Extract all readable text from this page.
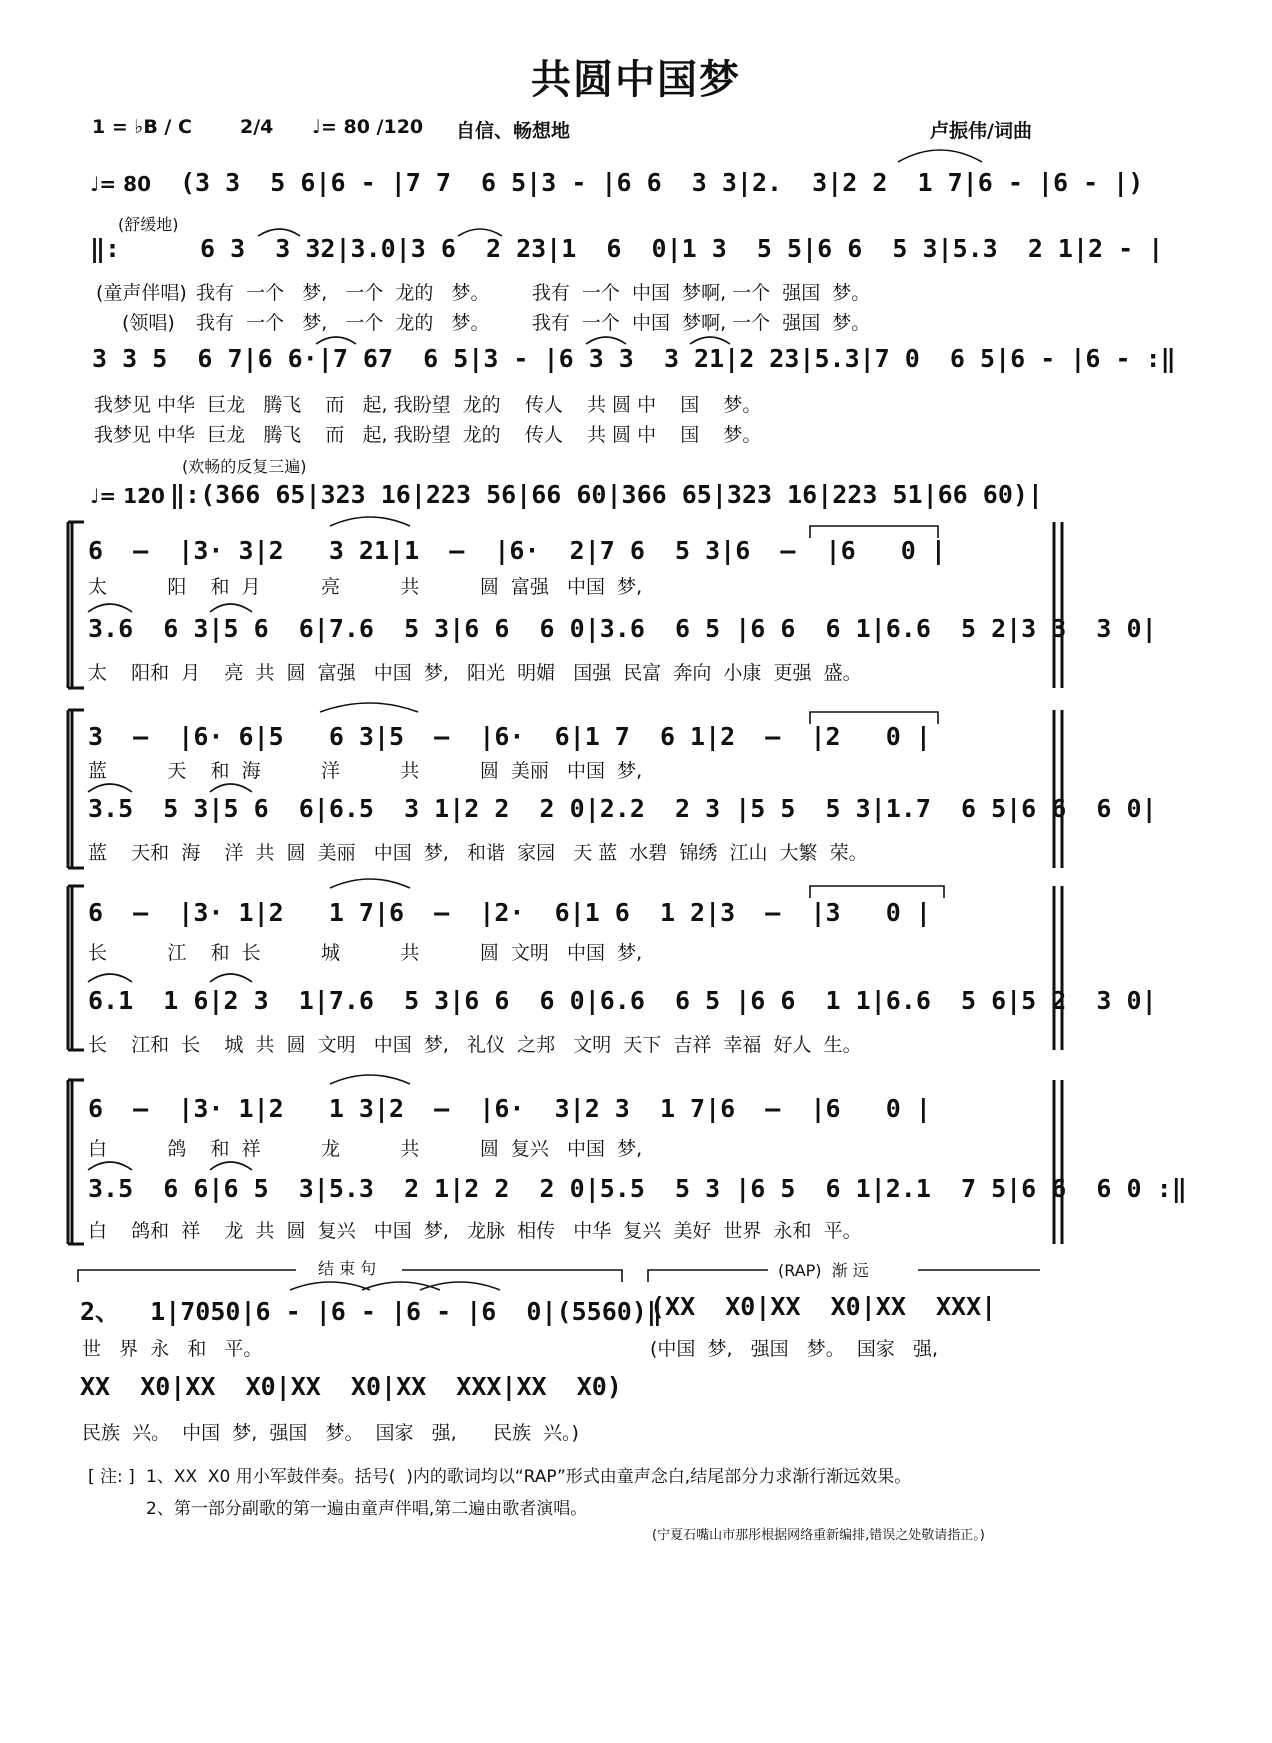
共圆中国梦
1 = ♭B / C	2/4 ♩= 80 /120 自信、畅想地	卢振伟/词曲
♩= 80 (3 3  5 6|6 - |7 7  6 5|3 - |6 6  3 3|2.  3|2 2  1 7|6 - |6 - |)
(舒缓地)
‖:	6 3  3 32|3.0|3 6  2 23|1  6  0|1 3  5 5|6 6  5 3|5.3  2 1|2 - |
(童声伴唱) 我有  一个   梦,   一个  龙的   梦。       我有  一个  中国  梦啊, 一个  强国  梦。
(领唱) 我有  一个   梦,   一个  龙的   梦。       我有  一个  中国  梦啊, 一个  强国  梦。
3 3 5  6 7|6 6·|7 67  6 5|3 - |6 3 3  3 21|2 23|5.3|7 0  6 5|6 - |6 - :‖
我梦见 中华  巨龙   腾飞    而   起, 我盼望  龙的    传人    共 圆 中    国    梦。
我梦见 中华  巨龙   腾飞    而   起, 我盼望  龙的    传人    共 圆 中    国    梦。
(欢畅的反复三遍)
♩= 120 ‖:(366 65|323 16|223 56|66 60|366 65|323 16|223 51|66 60)|
6  —  |3· 3|2   3 21|1  —  |6·  2|7 6  5 3|6  —  |6   0 |
太          阳    和  月          亮          共          圆  富强   中国  梦,
3.6  6 3|5 6  6|7.6  5 3|6 6  6 0|3.6  6 5 |6 6  6 1|6.6  5 2|3 3  3 0|
太    阳和  月    亮  共  圆  富强   中国  梦,   阳光  明媚   国强  民富  奔向  小康  更强  盛。
3  —  |6· 6|5   6 3|5  —  |6·  6|1 7  6 1|2  —  |2   0 |
蓝          天    和  海          洋          共          圆  美丽   中国  梦,
3.5  5 3|5 6  6|6.5  3 1|2 2  2 0|2.2  2 3 |5 5  5 3|1.7  6 5|6 6  6 0|
蓝    天和  海    洋  共  圆  美丽   中国  梦,   和谐  家园   天 蓝  水碧  锦绣  江山  大繁  荣。
6  —  |3· 1|2   1 7|6  —  |2·  6|1 6  1 2|3  —  |3   0 |
长          江    和  长          城          共          圆  文明   中国  梦,
6.1  1 6|2 3  1|7.6  5 3|6 6  6 0|6.6  6 5 |6 6  1 1|6.6  5 6|5 2  3 0|
长    江和  长    城  共  圆  文明   中国  梦,   礼仪  之邦   文明  天下  吉祥  幸福  好人  生。
6  —  |3· 1|2   1 3|2  —  |6·  3|2 3  1 7|6  —  |6   0 |
白          鸽    和  祥          龙          共          圆  复兴   中国  梦,
3.5  6 6|6 5  3|5.3  2 1|2 2  2 0|5.5  5 3 |6 5  6 1|2.1  7 5|6 6  6 0 :‖
白    鸽和  祥    龙  共  圆  复兴   中国  梦,   龙脉  相传   中华  复兴  美好  世界  永和  平。
结 束 句	(RAP)  渐 远
2、  1|7050|6 - |6 - |6 - |6  0|(5560)‖
(XX  X0|XX  X0|XX  XXX|
世   界  永   和   平。	(中国  梦,   强国   梦。  国家   强,
XX  X0|XX  X0|XX  X0|XX  XXX|XX  X0)
民族  兴。  中国  梦,  强国   梦。  国家   强,      民族  兴。)
[ 注: ] 1、XX  X0 用小军鼓伴奏。括号(  )内的歌词均以“RAP”形式由童声念白,结尾部分力求渐行渐远效果。
2、第一部分副歌的第一遍由童声伴唱,第二遍由歌者演唱。
(宁夏石嘴山市那彤根据网络重新编排,错误之处敬请指正。)
